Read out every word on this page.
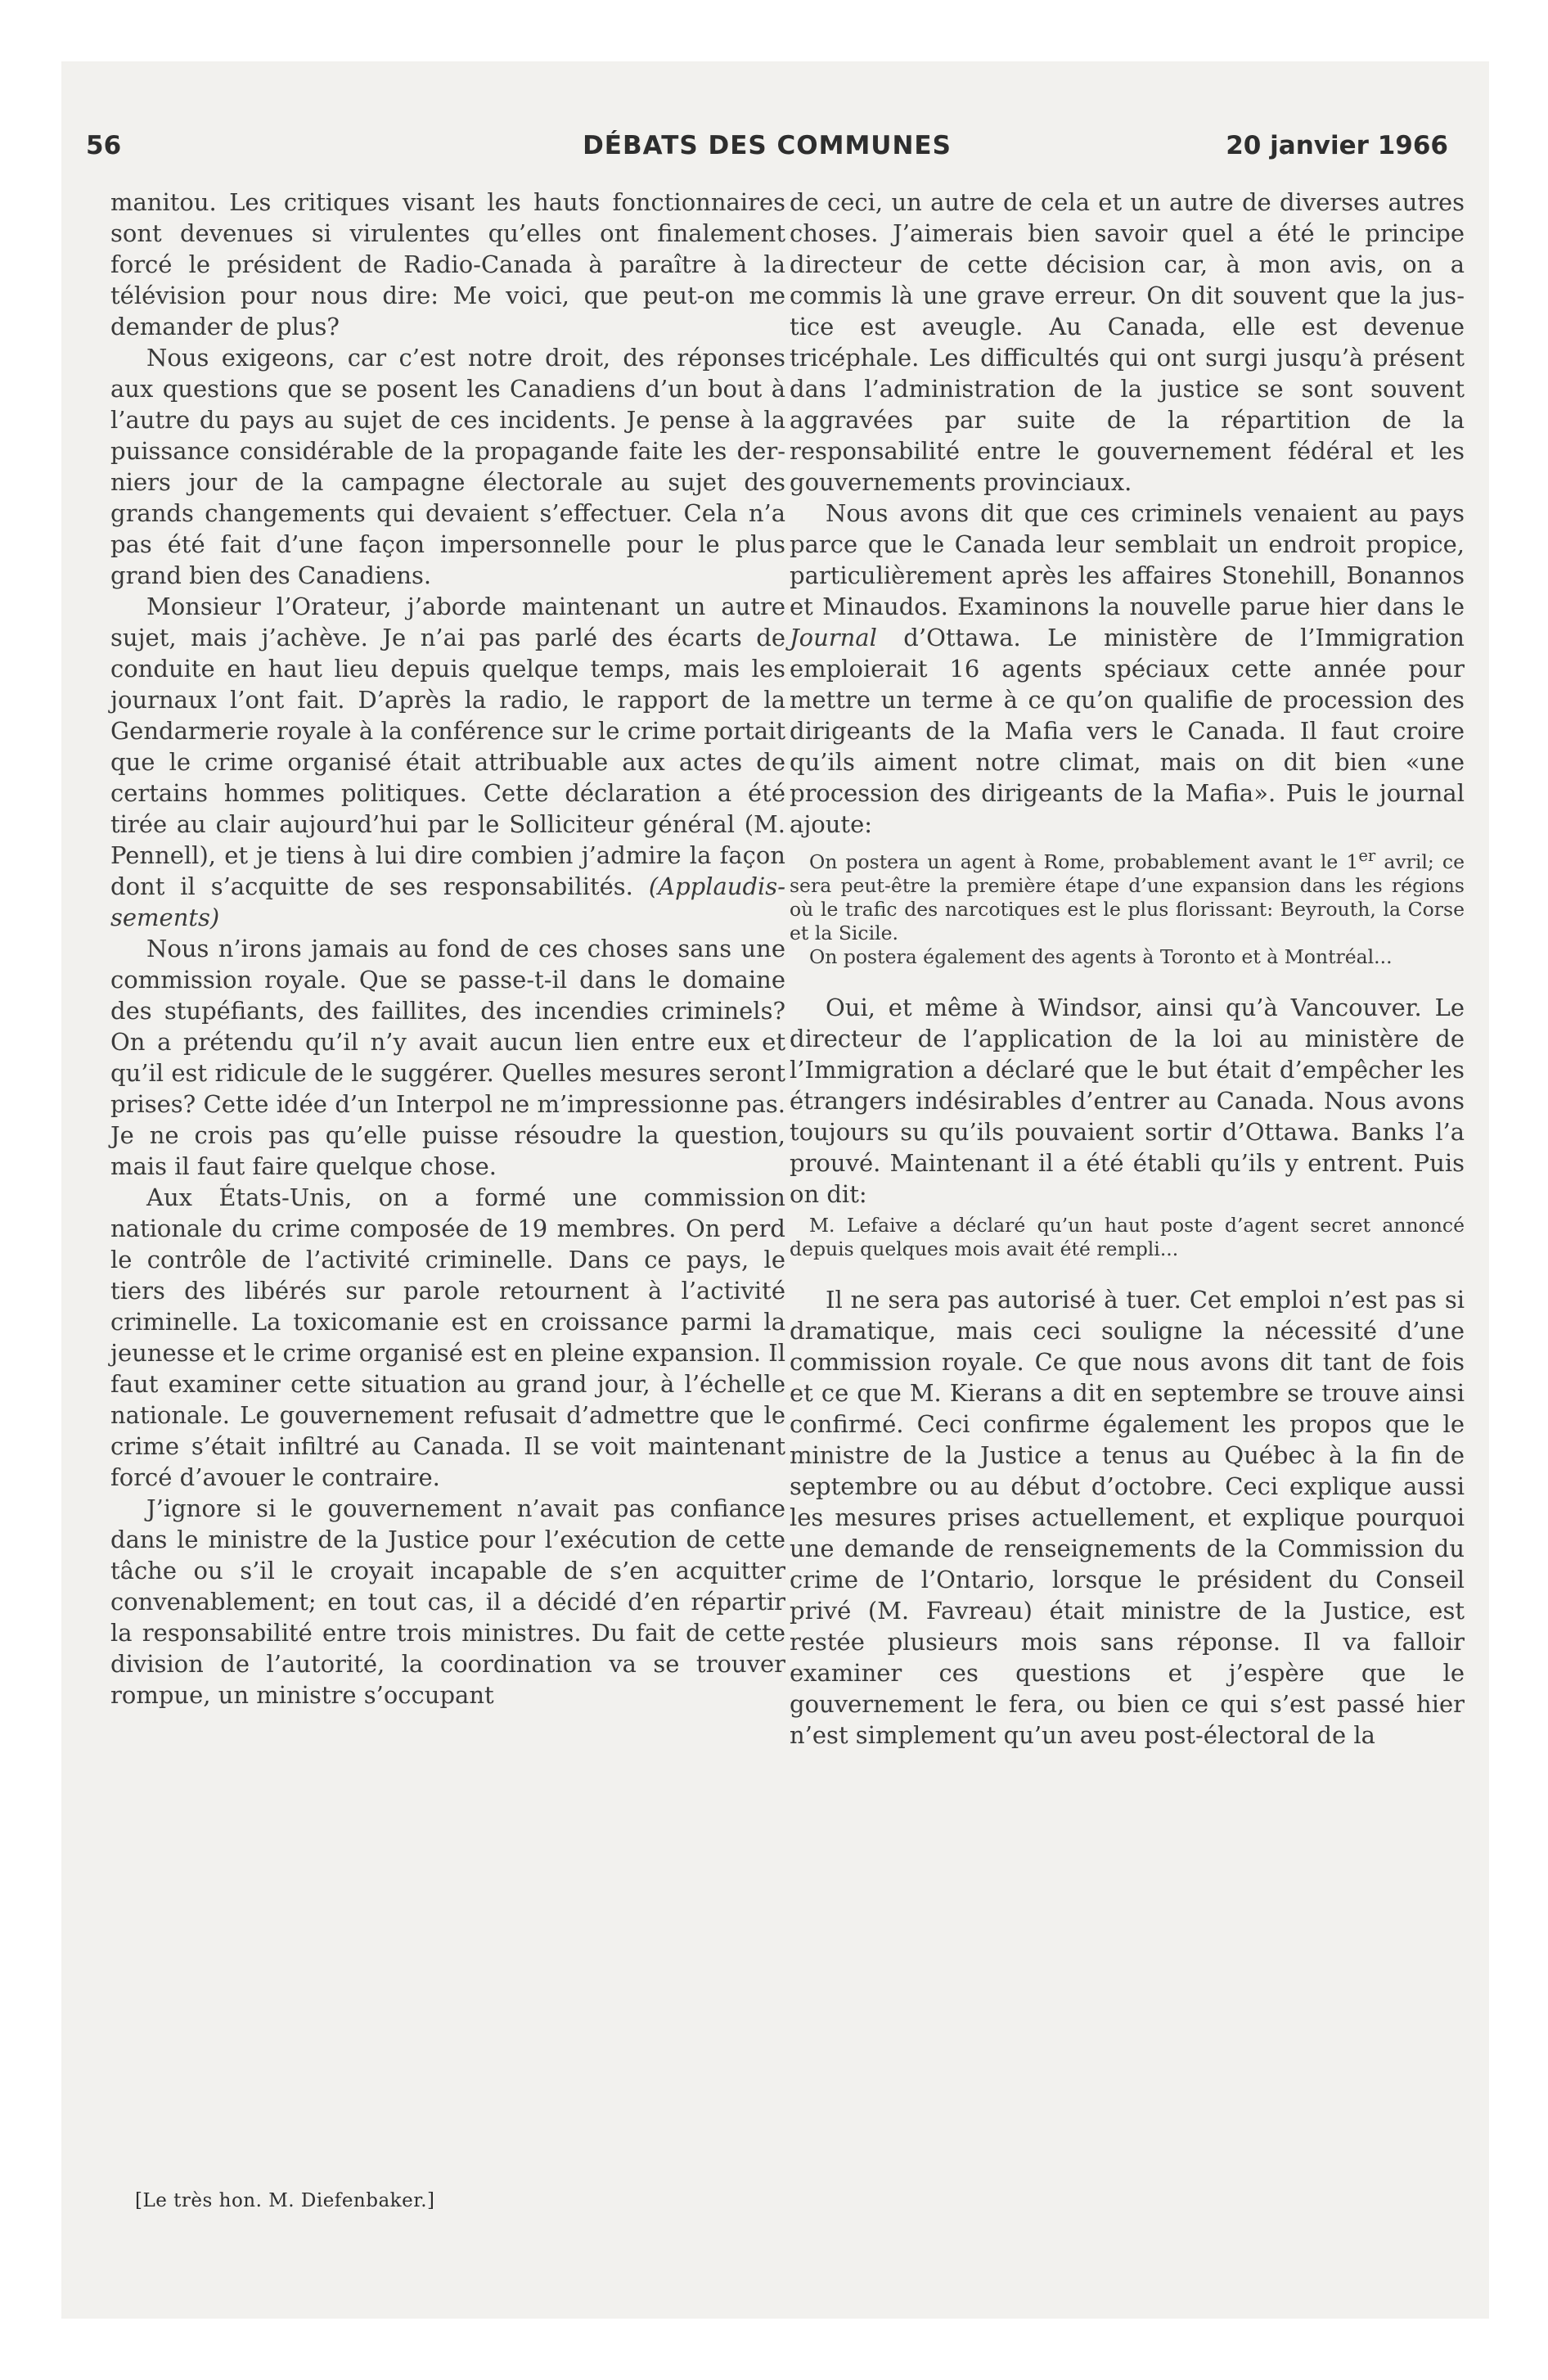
56	DÉBATS DES COMMUNES	20 janvier 1966

manitou. Les critiques visant les hauts fonctionnaires sont devenues si virulentes qu’elles ont finalement forcé le président de Radio-Canada à paraître à la télévision pour nous dire: Me voici, que peut-on me demander de plus?

Nous exigeons, car c’est notre droit, des réponses aux questions que se posent les Canadiens d’un bout à l’autre du pays au sujet de ces incidents. Je pense à la puissance considérable de la propagande faite les derniers jour de la campagne électorale au sujet des grands changements qui devaient s’effectuer. Cela n’a pas été fait d’une façon impersonnelle pour le plus grand bien des Canadiens.

Monsieur l’Orateur, j’aborde maintenant un autre sujet, mais j’achève. Je n’ai pas parlé des écarts de conduite en haut lieu depuis quelque temps, mais les journaux l’ont fait. D’après la radio, le rapport de la Gendarmerie royale à la conférence sur le crime portait que le crime organisé était attribuable aux actes de certains hommes politiques. Cette déclaration a été tirée au clair aujourd’hui par le Solliciteur général (M. Pennell), et je tiens à lui dire combien j’admire la façon dont il s’acquitte de ses responsabilités. (Applaudissements)

Nous n’irons jamais au fond de ces choses sans une commission royale. Que se passe-t-il dans le domaine des stupéfiants, des faillites, des incendies criminels? On a prétendu qu’il n’y avait aucun lien entre eux et qu’il est ridicule de le suggérer. Quelles mesures seront prises? Cette idée d’un Interpol ne m’impressionne pas. Je ne crois pas qu’elle puisse résoudre la question, mais il faut faire quelque chose.

Aux États-Unis, on a formé une commission nationale du crime composée de 19 membres. On perd le contrôle de l’activité criminelle. Dans ce pays, le tiers des libérés sur parole retournent à l’activité criminelle. La toxicomanie est en croissance parmi la jeunesse et le crime organisé est en pleine expansion. Il faut examiner cette situation au grand jour, à l’échelle nationale. Le gouvernement refusait d’admettre que le crime s’était infiltré au Canada. Il se voit maintenant forcé d’avouer le contraire.

J’ignore si le gouvernement n’avait pas confiance dans le ministre de la Justice pour l’exécution de cette tâche ou s’il le croyait incapable de s’en acquitter convenablement; en tout cas, il a décidé d’en répartir la responsabilité entre trois ministres. Du fait de cette division de l’autorité, la coordination va se trouver rompue, un ministre s’occupant

de ceci, un autre de cela et un autre de diverses autres choses. J’aimerais bien savoir quel a été le principe directeur de cette décision car, à mon avis, on a commis là une grave erreur. On dit souvent que la justice est aveugle. Au Canada, elle est devenue tricéphale. Les difficultés qui ont surgi jusqu’à présent dans l’administration de la justice se sont souvent aggravées par suite de la répartition de la responsabilité entre le gouvernement fédéral et les gouvernements provinciaux.

Nous avons dit que ces criminels venaient au pays parce que le Canada leur semblait un endroit propice, particulièrement après les affaires Stonehill, Bonannos et Minaudos. Examinons la nouvelle parue hier dans le Journal d’Ottawa. Le ministère de l’Immigration emploierait 16 agents spéciaux cette année pour mettre un terme à ce qu’on qualifie de procession des dirigeants de la Mafia vers le Canada. Il faut croire qu’ils aiment notre climat, mais on dit bien «une procession des dirigeants de la Mafia». Puis le journal ajoute:

On postera un agent à Rome, probablement avant le 1er avril; ce sera peut-être la première étape d’une expansion dans les régions où le trafic des narcotiques est le plus florissant: Beyrouth, la Corse et la Sicile.

On postera également des agents à Toronto et à Montréal...

Oui, et même à Windsor, ainsi qu’à Vancouver. Le directeur de l’application de la loi au ministère de l’Immigration a déclaré que le but était d’empêcher les étrangers indésirables d’entrer au Canada. Nous avons toujours su qu’ils pouvaient sortir d’Ottawa. Banks l’a prouvé. Maintenant il a été établi qu’ils y entrent. Puis on dit:

M. Lefaive a déclaré qu’un haut poste d’agent secret annoncé depuis quelques mois avait été rempli...

Il ne sera pas autorisé à tuer. Cet emploi n’est pas si dramatique, mais ceci souligne la nécessité d’une commission royale. Ce que nous avons dit tant de fois et ce que M. Kierans a dit en septembre se trouve ainsi confirmé. Ceci confirme également les propos que le ministre de la Justice a tenus au Québec à la fin de septembre ou au début d’octobre. Ceci explique aussi les mesures prises actuellement, et explique pourquoi une demande de renseignements de la Commission du crime de l’Ontario, lorsque le président du Conseil privé (M. Favreau) était ministre de la Justice, est restée plusieurs mois sans réponse. Il va falloir examiner ces questions et j’espère que le gouvernement le fera, ou bien ce qui s’est passé hier n’est simplement qu’un aveu post-électoral de la

[Le très hon. M. Diefenbaker.]
